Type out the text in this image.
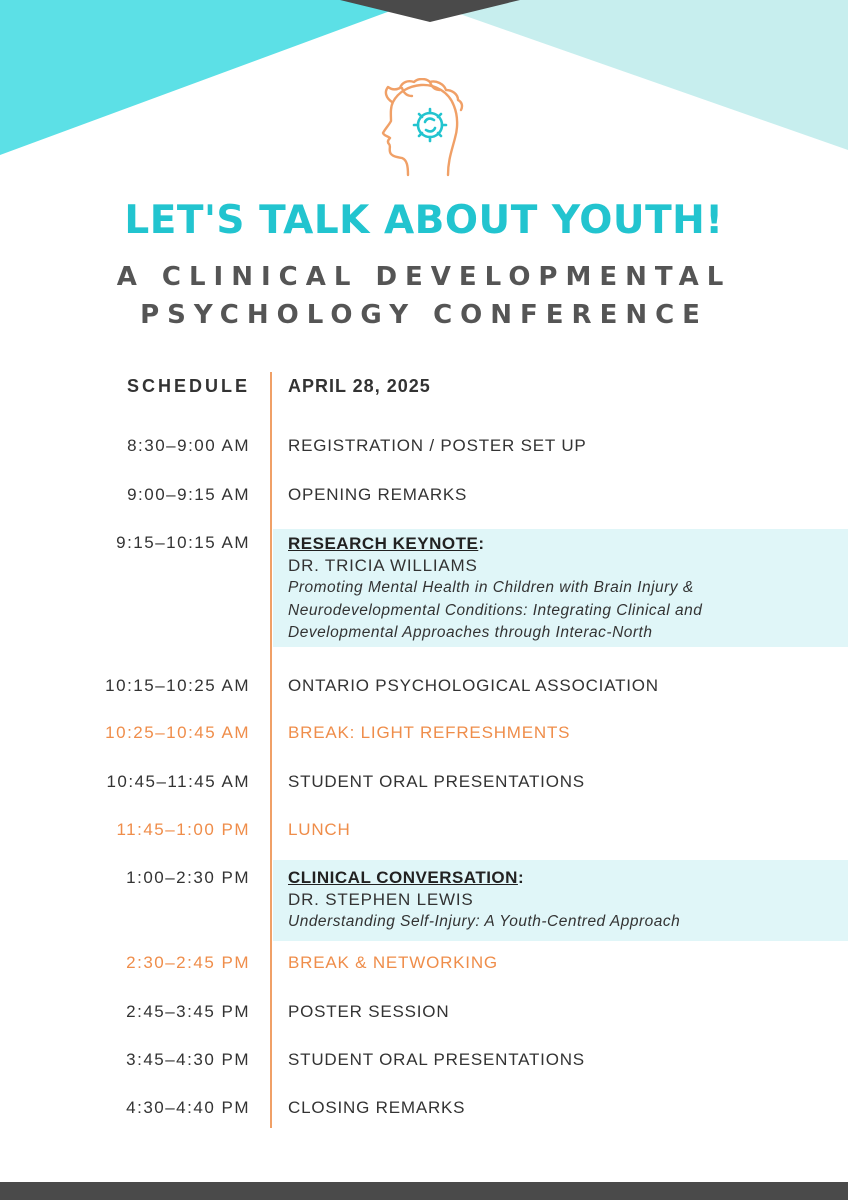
LET'S TALK ABOUT YOUTH!
A CLINICAL DEVELOPMENTAL
PSYCHOLOGY CONFERENCE
SCHEDULE APRIL 28, 2025
8:30–9:00 AM REGISTRATION / POSTER SET UP
9:00–9:15 AM OPENING REMARKS
RESEARCH KEYNOTE:
DR. TRICIA WILLIAMS
Promoting Mental Health in Children with Brain Injury &
Neurodevelopmental Conditions: Integrating Clinical and
Developmental Approaches through Interac-North
9:15–10:15 AM
10:15–10:25 AM ONTARIO PSYCHOLOGICAL ASSOCIATION
10:25–10:45 AM BREAK: LIGHT REFRESHMENTS
10:45–11:45 AM STUDENT ORAL PRESENTATIONS
11:45–1:00 PM LUNCH
CLINICAL CONVERSATION:
DR. STEPHEN LEWIS
Understanding Self-Injury: A Youth-Centred Approach
1:00–2:30 PM
2:30–2:45 PM BREAK & NETWORKING
2:45–3:45 PM POSTER SESSION
3:45–4:30 PM STUDENT ORAL PRESENTATIONS
4:30–4:40 PM CLOSING REMARKS
